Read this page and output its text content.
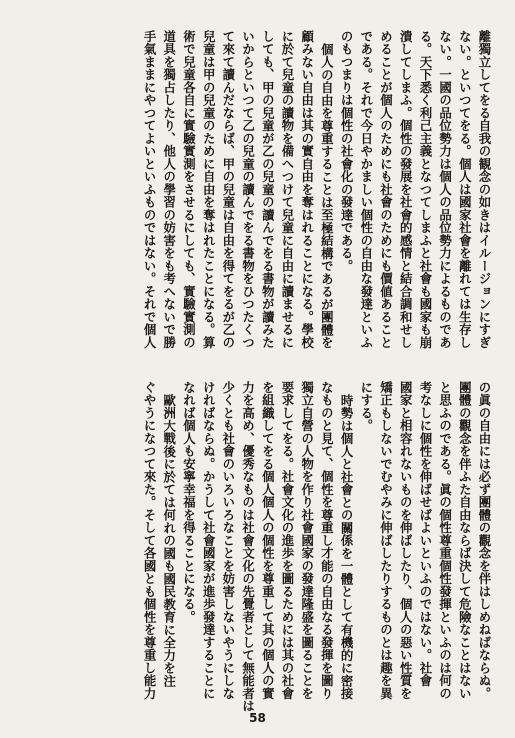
離獨立してをる自我の観念の如きはイルージョンにすぎ
ない。といつてをる。個人は國家社會を離れては生存し
ない。一國の品位勢力は個人の品位勢力によるものであ
る。天下悉く利己主義となつてしまふと社會も國家も崩
潰してしまふ。個性の發展を社會的感情と結合調和せし
めることが個人のためにも社會のためにも價値あること
である。それで今日やかましい個性の自由な發達といふ
のもつまりは個性の社會化の發達である。
個人の自由を尊重することは至極結構であるが團體を
顧みない自由は其の實自由を奪はれることになる。學校
に於て兒童の讀物を備へつけて兒童に自由に讀ませるに
しても、甲の兒童が乙の兒童の讀んでをる書物が讀みた
いからといつて乙の兒童の讀んでをる書物をひつたくつ
て來て讀んだならば、甲の兒童は自由を得てをるが乙の
兒童は甲の兒童のために自由を奪はれたことになる。算
術で兒童各自に實驗實測をさせるにしても、實驗實測の
道具を獨占したり、他人の學習の妨害をも考へないで勝
手氣ままにやつてよいといふものではない。それで個人
の眞の自由には必ず團體の觀念を伴はしめねばならぬ。
團體の觀念を伴ふた自由ならば決して危險なことはない
と思ふのである。眞の個性尊重個性發揮といふのは何の
考なしに個性を伸ばせばよいといふのではない。社會
國家と相容れないものを伸ばしたり、個人の惡い性質を
矯正もしないでむやみに伸ばしたりするものとは趣を異
にする。
時勢は個人と社會との關係を一體として有機的に密接
なものと見て、個性を尊重し才能の自由なる發揮を圖り
獨立自營の人物を作り社會國家の發達隆盛を圖ることを
要求してをる。社會文化の進歩を圖るためには其の社會
を組織してをる個人個人の個性を尊重して其の個人の實
力を高め、優秀なものは社會文化の先覺者として無能者は
少くとも社會のいろいろなことを妨害しないやうにしな
ければならぬ。かうして社會國家が進歩發達することに
なれば個人も安寧幸福を得ることになる。
歐洲大戰後に於ては何れの國も國民教育に全力を注
ぐやうになつて來た。そして各國とも個性を尊重し能力
58
